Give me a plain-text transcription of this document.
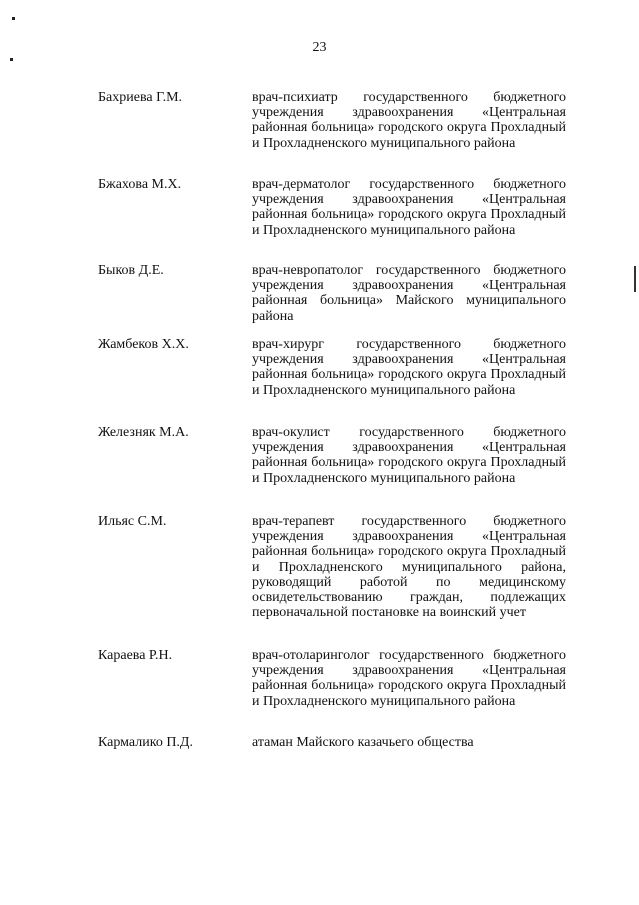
23
Бахриева Г.М.	врач-психиатр государственного бюджетного учреждения здравоохранения «Центральная районная больница» городского округа Прохладный и Прохладненского муниципального района
Бжахова М.Х.	врач-дерматолог государственного бюджетного учреждения здравоохранения «Центральная районная больница» городского округа Прохладный и Прохладненского муниципального района
Быков Д.Е.	врач-невропатолог государственного бюджетного учреждения здравоохранения «Центральная районная больница» Майского муниципального района
Жамбеков Х.Х.	врач-хирург государственного бюджетного учреждения здравоохранения «Центральная районная больница» городского округа Прохладный и Прохладненского муниципального района
Железняк М.А.	врач-окулист государственного бюджетного учреждения здравоохранения «Центральная районная больница» городского округа Прохладный и Прохладненского муниципального района
Ильяс С.М.	врач-терапевт государственного бюджетного учреждения здравоохранения «Центральная районная больница» городского округа Прохладный и Прохладненского муниципального района, руководящий работой по медицинскому освидетельствованию граждан, подлежащих первоначальной постановке на воинский учет
Караева Р.Н.	врач-отоларинголог государственного бюджетного учреждения здравоохранения «Центральная районная больница» городского округа Прохладный и Прохладненского муниципального района
Кармалико П.Д.	атаман Майского казачьего общества
